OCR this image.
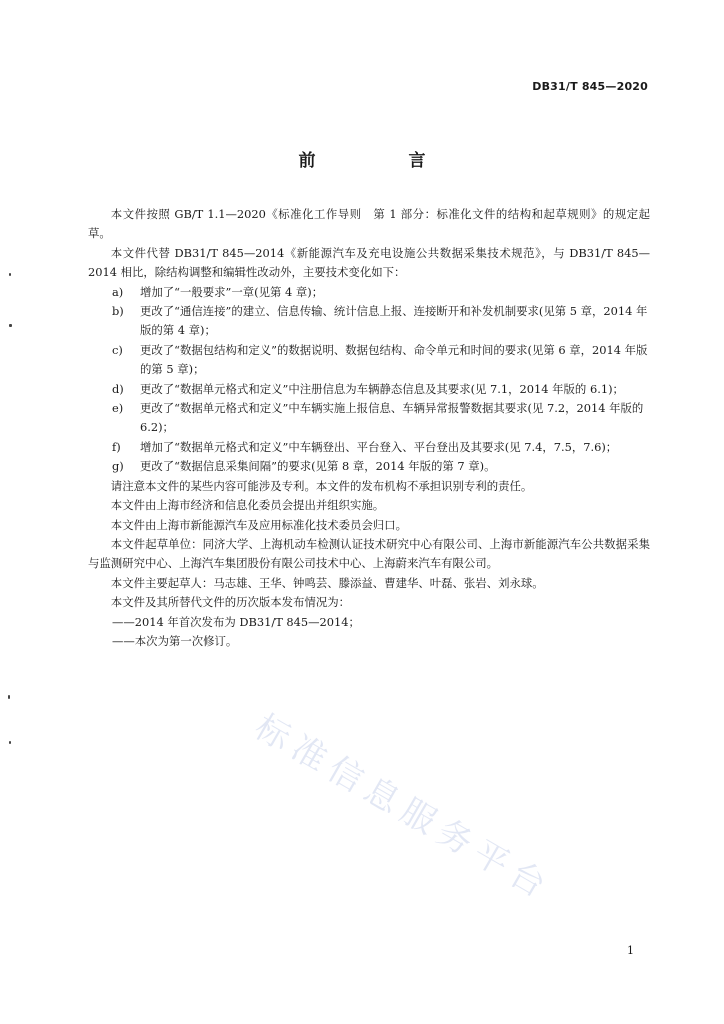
DB31/T 845—2020
前　言

本文件按照 GB/T 1.1—2020《标准化工作导则　第 1 部分：标准化文件的结构和起草规则》的规定起草。

本文件代替 DB31/T 845—2014《新能源汽车及充电设施公共数据采集技术规范》，与 DB31/T 845—2014 相比，除结构调整和编辑性改动外，主要技术变化如下：

a) 增加了“一般要求”一章(见第 4 章)；

b) 更改了“通信连接”的建立、信息传输、统计信息上报、连接断开和补发机制要求(见第 5 章，2014 年版的第 4 章)；

c) 更改了“数据包结构和定义”的数据说明、数据包结构、命令单元和时间的要求(见第 6 章，2014 年版的第 5 章)；

d) 更改了“数据单元格式和定义”中注册信息为车辆静态信息及其要求(见 7.1，2014 年版的 6.1)；

e) 更改了“数据单元格式和定义”中车辆实施上报信息、车辆异常报警数据其要求(见 7.2，2014 年版的 6.2)；

f) 增加了“数据单元格式和定义”中车辆登出、平台登入、平台登出及其要求(见 7.4，7.5，7.6)；

g) 更改了“数据信息采集间隔”的要求(见第 8 章，2014 年版的第 7 章)。

请注意本文件的某些内容可能涉及专利。本文件的发布机构不承担识别专利的责任。

本文件由上海市经济和信息化委员会提出并组织实施。

本文件由上海市新能源汽车及应用标准化技术委员会归口。

本文件起草单位：同济大学、上海机动车检测认证技术研究中心有限公司、上海市新能源汽车公共数据采集与监测研究中心、上海汽车集团股份有限公司技术中心、上海蔚来汽车有限公司。

本文件主要起草人：马志雄、王华、钟鸣芸、滕添益、曹建华、叶磊、张岩、刘永球。

本文件及其所替代文件的历次版本发布情况为：

——2014 年首次发布为 DB31/T 845—2014；

——本次为第一次修订。

标准信息服务平台
1
